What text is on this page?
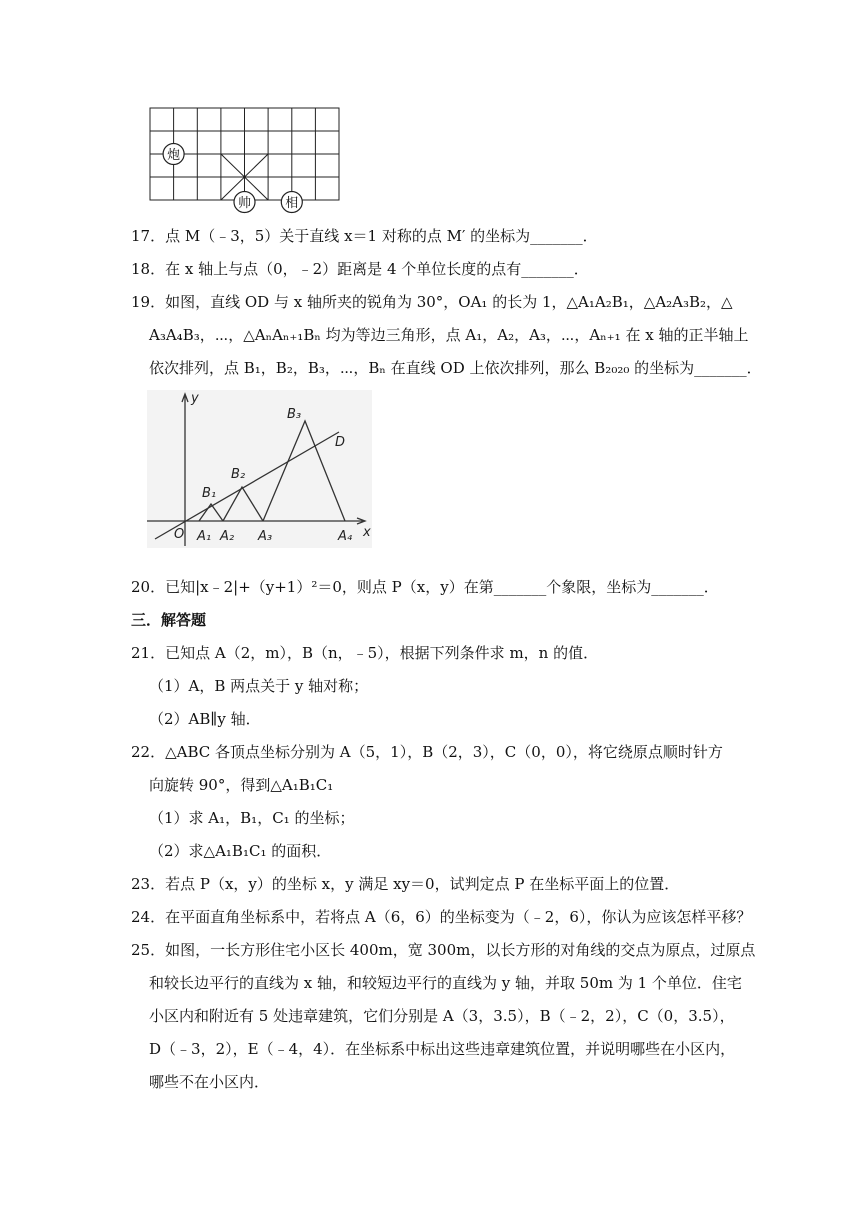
炮
帅	相
17．点 M（﹣3，5）关于直线 x＝1 对称的点 M′ 的坐标为_______．
18．在 x 轴上与点（0，﹣2）距离是 4 个单位长度的点有_______．
19．如图，直线 OD 与 x 轴所夹的锐角为 30°，OA₁ 的长为 1，△A₁A₂B₁，△A₂A₃B₂，△
A₃A₄B₃，⋯，△AₙAₙ₊₁Bₙ 均为等边三角形，点 A₁，A₂，A₃，⋯，Aₙ₊₁ 在 x 轴的正半轴上
依次排列，点 B₁，B₂，B₃，⋯，Bₙ 在直线 OD 上依次排列，那么 B₂₀₂₀ 的坐标为_______．
y
x
O
D
A₁ A₂ A₃	A₄
B₁
B₂
B₃
20．已知|x﹣2|+（y+1）²＝0，则点 P（x，y）在第_______个象限，坐标为_______．
三．解答题
21．已知点 A（2，m），B（n，﹣5），根据下列条件求 m，n 的值．
（1）A，B 两点关于 y 轴对称；
（2）AB∥y 轴．
22．△ABC 各顶点坐标分别为 A（5，1），B（2，3），C（0，0），将它绕原点顺时针方
向旋转 90°，得到△A₁B₁C₁
（1）求 A₁，B₁，C₁ 的坐标；
（2）求△A₁B₁C₁ 的面积．
23．若点 P（x，y）的坐标 x，y 满足 xy＝0，试判定点 P 在坐标平面上的位置．
24．在平面直角坐标系中，若将点 A（6，6）的坐标变为（﹣2，6），你认为应该怎样平移？
25．如图，一长方形住宅小区长 400m，宽 300m，以长方形的对角线的交点为原点，过原点
和较长边平行的直线为 x 轴，和较短边平行的直线为 y 轴，并取 50m 为 1 个单位．住宅
小区内和附近有 5 处违章建筑，它们分别是 A（3，3.5），B（﹣2，2），C（0，3.5），
D（﹣3，2），E（﹣4，4）．在坐标系中标出这些违章建筑位置，并说明哪些在小区内，
哪些不在小区内．
